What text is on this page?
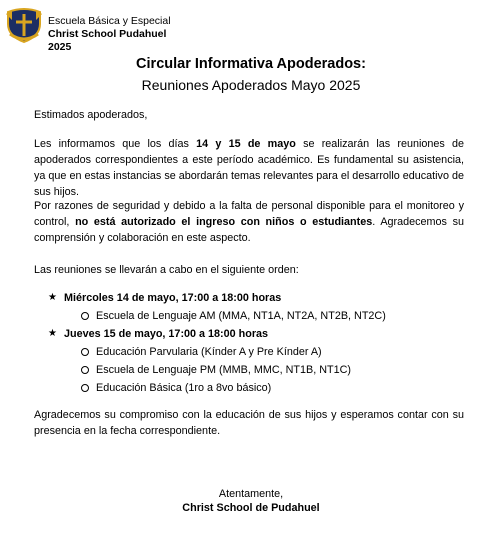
Escuela Básica y Especial
Christ School Pudahuel
2025
Circular Informativa Apoderados:
Reuniones Apoderados Mayo 2025
Estimados apoderados,
Les informamos que los días 14 y 15 de mayo se realizarán las reuniones de apoderados correspondientes a este período académico. Es fundamental su asistencia, ya que en estas instancias se abordarán temas relevantes para el desarrollo educativo de sus hijos.
Por razones de seguridad y debido a la falta de personal disponible para el monitoreo y control, no está autorizado el ingreso con niños o estudiantes. Agradecemos su comprensión y colaboración en este aspecto.
Las reuniones se llevarán a cabo en el siguiente orden:
★ Miércoles 14 de mayo, 17:00 a 18:00 horas
Escuela de Lenguaje AM (MMA, NT1A, NT2A, NT2B, NT2C)
★ Jueves 15 de mayo, 17:00 a 18:00 horas
Educación Parvularia (Kínder A y Pre Kínder A)
Escuela de Lenguaje PM (MMB, MMC, NT1B, NT1C)
Educación Básica (1ro a 8vo básico)
Agradecemos su compromiso con la educación de sus hijos y esperamos contar con su presencia en la fecha correspondiente.
Atentamente,
Christ School de Pudahuel
